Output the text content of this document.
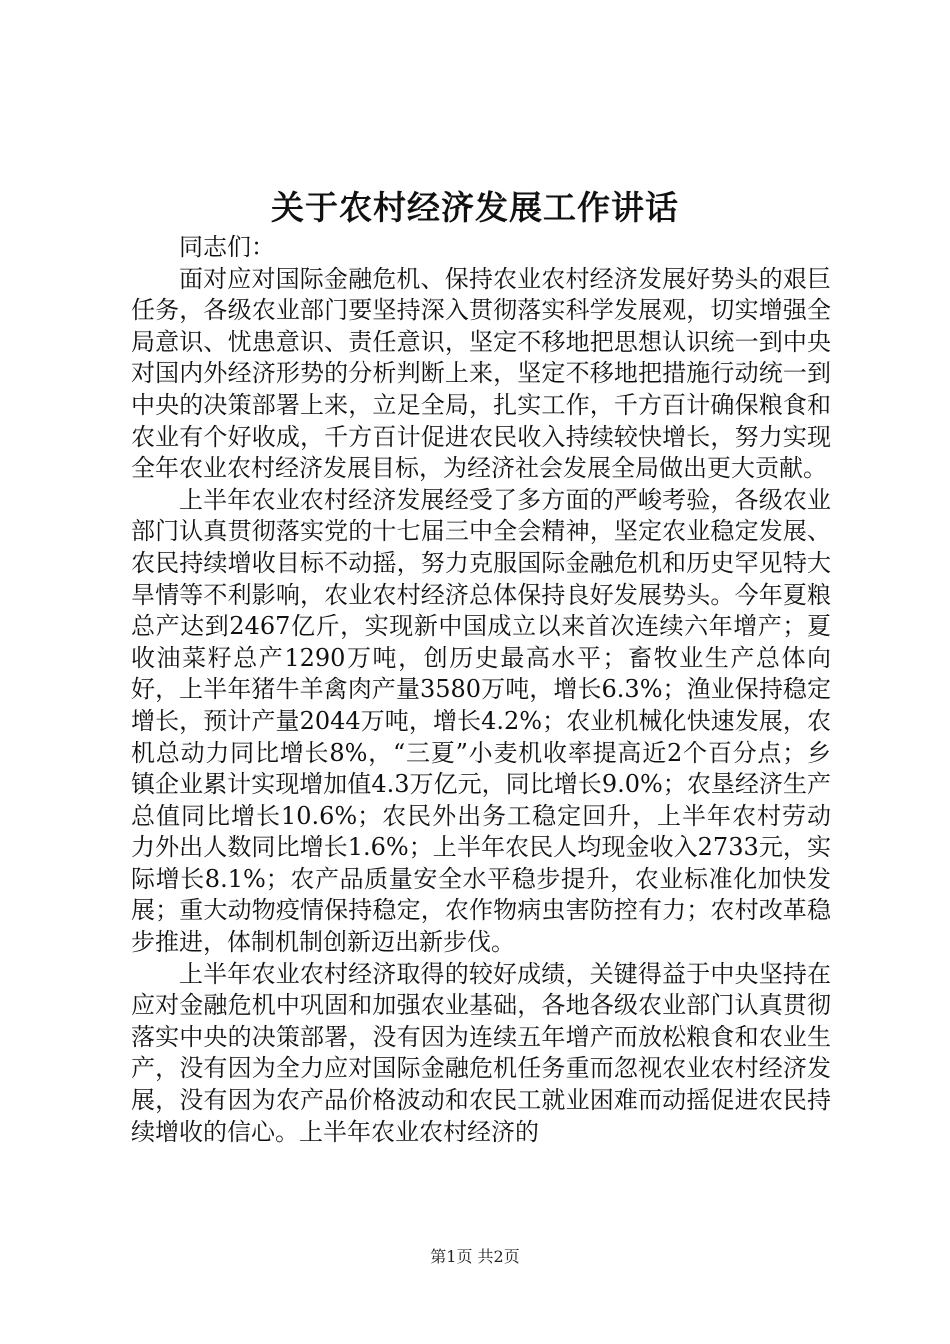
关于农村经济发展工作讲话

同志们：

面对应对国际金融危机、保持农业农村经济发展好势头的艰巨任务，各级农业部门要坚持深入贯彻落实科学发展观，切实增强全局意识、忧患意识、责任意识，坚定不移地把思想认识统一到中央对国内外经济形势的分析判断上来，坚定不移地把措施行动统一到中央的决策部署上来，立足全局，扎实工作，千方百计确保粮食和农业有个好收成，千方百计促进农民收入持续较快增长，努力实现全年农业农村经济发展目标，为经济社会发展全局做出更大贡献。

上半年农业农村经济发展经受了多方面的严峻考验，各级农业部门认真贯彻落实党的十七届三中全会精神，坚定农业稳定发展、农民持续增收目标不动摇，努力克服国际金融危机和历史罕见特大旱情等不利影响，农业农村经济总体保持良好发展势头。今年夏粮总产达到2467亿斤，实现新中国成立以来首次连续六年增产；夏收油菜籽总产1290万吨，创历史最高水平；畜牧业生产总体向好，上半年猪牛羊禽肉产量3580万吨，增长6.3%；渔业保持稳定增长，预计产量2044万吨，增长4.2%；农业机械化快速发展，农机总动力同比增长8%，“三夏”小麦机收率提高近2个百分点；乡镇企业累计实现增加值4.3万亿元，同比增长9.0%；农垦经济生产总值同比增长10.6%；农民外出务工稳定回升，上半年农村劳动力外出人数同比增长1.6%；上半年农民人均现金收入2733元，实际增长8.1%；农产品质量安全水平稳步提升，农业标准化加快发展；重大动物疫情保持稳定，农作物病虫害防控有力；农村改革稳步推进，体制机制创新迈出新步伐。

上半年农业农村经济取得的较好成绩，关键得益于中央坚持在应对金融危机中巩固和加强农业基础，各地各级农业部门认真贯彻落实中央的决策部署，没有因为连续五年增产而放松粮食和农业生产，没有因为全力应对国际金融危机任务重而忽视农业农村经济发展，没有因为农产品价格波动和农民工就业困难而动摇促进农民持续增收的信心。上半年农业农村经济的

第1页 共2页
